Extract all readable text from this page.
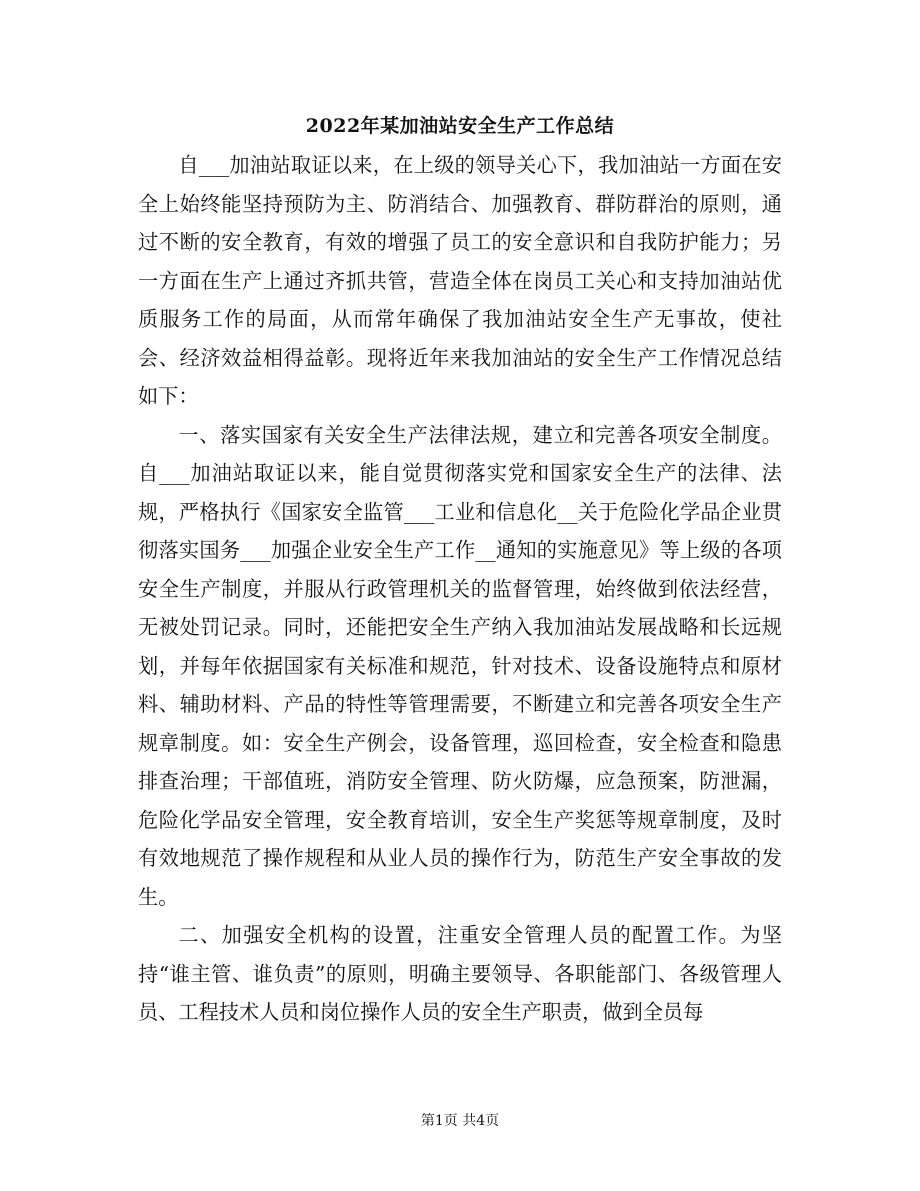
2022年某加油站安全生产工作总结

自___加油站取证以来，在上级的领导关心下，我加油站一方面在安全上始终能坚持预防为主、防消结合、加强教育、群防群治的原则，通过不断的安全教育，有效的增强了员工的安全意识和自我防护能力；另一方面在生产上通过齐抓共管，营造全体在岗员工关心和支持加油站优质服务工作的局面，从而常年确保了我加油站安全生产无事故，使社会、经济效益相得益彰。现将近年来我加油站的安全生产工作情况总结如下：

一、落实国家有关安全生产法律法规，建立和完善各项安全制度。自___加油站取证以来，能自觉贯彻落实党和国家安全生产的法律、法规，严格执行《国家安全监管___工业和信息化__关于危险化学品企业贯彻落实国务___加强企业安全生产工作__通知的实施意见》等上级的各项安全生产制度，并服从行政管理机关的监督管理，始终做到依法经营，无被处罚记录。同时，还能把安全生产纳入我加油站发展战略和长远规划，并每年依据国家有关标准和规范，针对技术、设备设施特点和原材料、辅助材料、产品的特性等管理需要，不断建立和完善各项安全生产规章制度。如：安全生产例会，设备管理，巡回检查，安全检查和隐患排查治理；干部值班，消防安全管理、防火防爆，应急预案，防泄漏，危险化学品安全管理，安全教育培训，安全生产奖惩等规章制度，及时有效地规范了操作规程和从业人员的操作行为，防范生产安全事故的发生。

二、加强安全机构的设置，注重安全管理人员的配置工作。为坚持“谁主管、谁负责”的原则，明确主要领导、各职能部门、各级管理人员、工程技术人员和岗位操作人员的安全生产职责，做到全员每

第1页 共4页
